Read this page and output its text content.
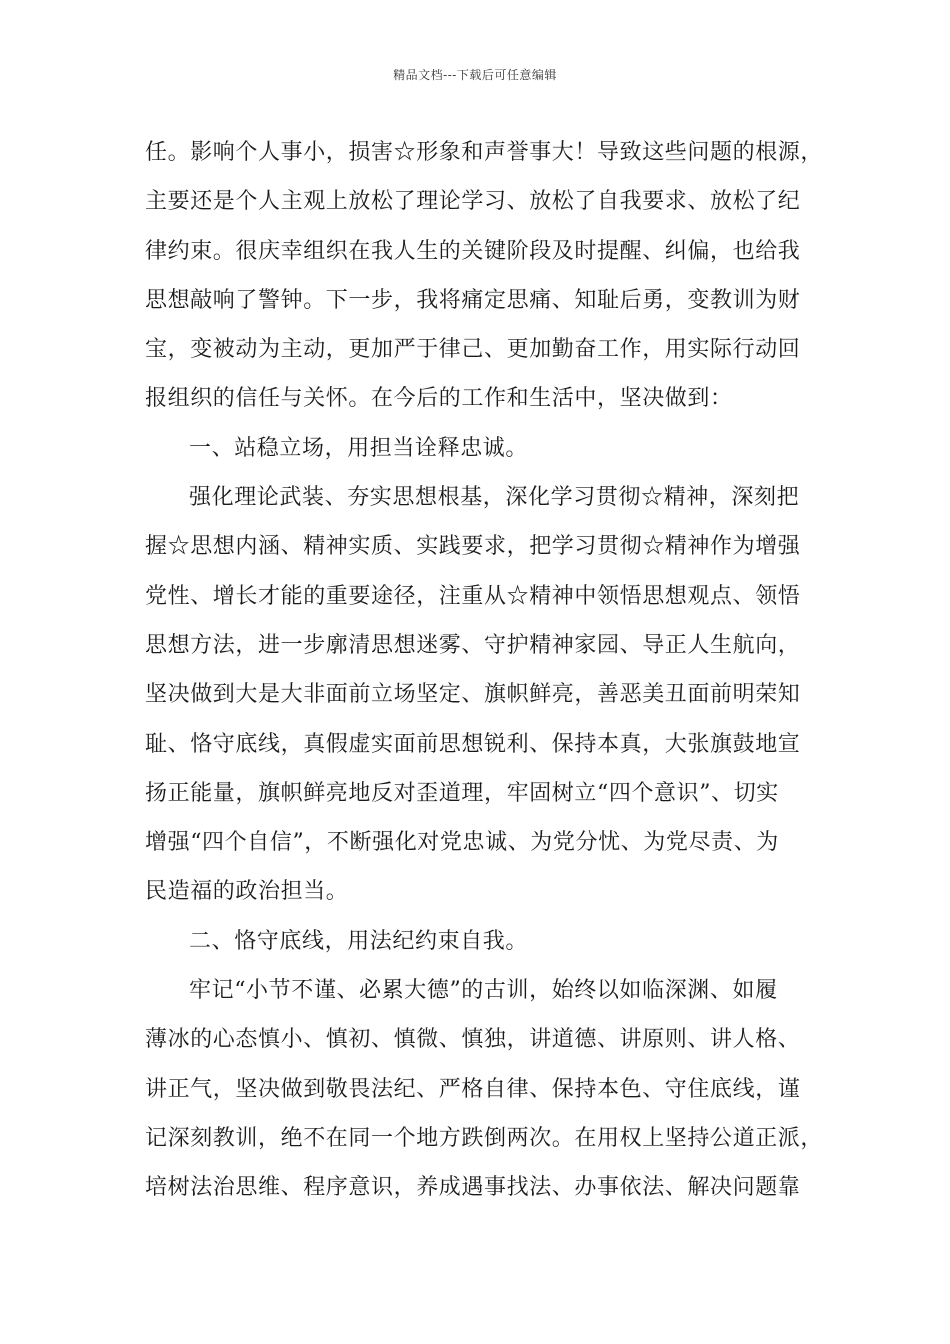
精品文档---下载后可任意编辑
任。影响个人事小，损害☆形象和声誉事大！导致这些问题的根源，
主要还是个人主观上放松了理论学习、放松了自我要求、放松了纪
律约束。很庆幸组织在我人生的关键阶段及时提醒、纠偏，也给我
思想敲响了警钟。下一步，我将痛定思痛、知耻后勇，变教训为财
宝，变被动为主动，更加严于律己、更加勤奋工作，用实际行动回
报组织的信任与关怀。在今后的工作和生活中，坚决做到：
一、站稳立场，用担当诠释忠诚。
强化理论武装、夯实思想根基，深化学习贯彻☆精神，深刻把
握☆思想内涵、精神实质、实践要求，把学习贯彻☆精神作为增强
党性、增长才能的重要途径，注重从☆精神中领悟思想观点、领悟
思想方法，进一步廓清思想迷雾、守护精神家园、导正人生航向，
坚决做到大是大非面前立场坚定、旗帜鲜亮，善恶美丑面前明荣知
耻、恪守底线，真假虚实面前思想锐利、保持本真，大张旗鼓地宣
扬正能量，旗帜鲜亮地反对歪道理，牢固树立“四个意识”、切实
增强“四个自信”，不断强化对党忠诚、为党分忧、为党尽责、为
民造福的政治担当。
二、恪守底线，用法纪约束自我。
牢记“小节不谨、必累大德”的古训，始终以如临深渊、如履
薄冰的心态慎小、慎初、慎微、慎独，讲道德、讲原则、讲人格、
讲正气，坚决做到敬畏法纪、严格自律、保持本色、守住底线，谨
记深刻教训，绝不在同一个地方跌倒两次。在用权上坚持公道正派，
培树法治思维、程序意识，养成遇事找法、办事依法、解决问题靠
